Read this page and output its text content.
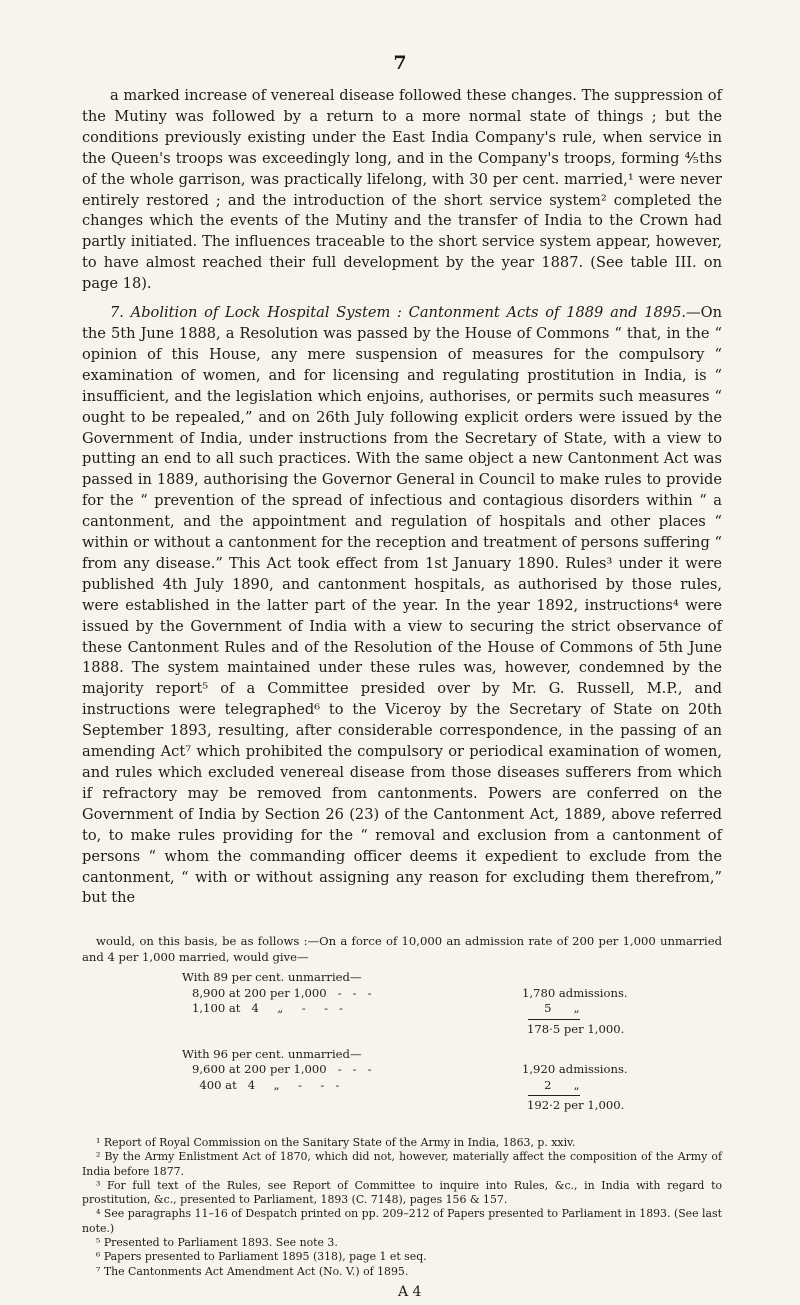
7

a marked increase of venereal disease followed these changes. The suppression of the Mutiny was followed by a return to a more normal state of things ; but the conditions previously existing under the East India Company's rule, when service in the Queen's troops was exceedingly long, and in the Company's troops, forming ⅘ths of the whole garrison, was practically lifelong, with 30 per cent. married,¹ were never entirely restored ; and the introduction of the short service system² completed the changes which the events of the Mutiny and the transfer of India to the Crown had partly initiated. The influences traceable to the short service system appear, however, to have almost reached their full development by the year 1887. (See table III. on page 18).

7. Abolition of Lock Hospital System : Cantonment Acts of 1889 and 1895.—On the 5th June 1888, a Resolution was passed by the House of Commons “ that, in the “ opinion of this House, any mere suspension of measures for the compulsory “ examination of women, and for licensing and regulating prostitution in India, is “ insufficient, and the legislation which enjoins, authorises, or permits such measures “ ought to be repealed,” and on 26th July following explicit orders were issued by the Government of India, under instructions from the Secretary of State, with a view to putting an end to all such practices. With the same object a new Cantonment Act was passed in 1889, authorising the Governor General in Council to make rules to provide for the “ prevention of the spread of infectious and contagious disorders within “ a cantonment, and the appointment and regulation of hospitals and other places “ within or without a cantonment for the reception and treatment of persons suffering “ from any disease.” This Act took effect from 1st January 1890. Rules³ under it were published 4th July 1890, and cantonment hospitals, as authorised by those rules, were established in the latter part of the year. In the year 1892, instructions⁴ were issued by the Government of India with a view to securing the strict observance of these Cantonment Rules and of the Resolution of the House of Commons of 5th June 1888. The system maintained under these rules was, however, condemned by the majority report⁵ of a Committee presided over by Mr. G. Russell, M.P., and instructions were telegraphed⁶ to the Viceroy by the Secretary of State on 20th September 1893, resulting, after considerable correspondence, in the passing of an amending Act⁷ which prohibited the compulsory or periodical examination of women, and rules which excluded venereal disease from those diseases sufferers from which if refractory may be removed from cantonments. Powers are conferred on the Government of India by Section 26 (23) of the Cantonment Act, 1889, above referred to, to make rules providing for the “ removal and exclusion from a cantonment of persons “ whom the commanding officer deems it expedient to exclude from the cantonment, “ with or without assigning any reason for excluding them therefrom,” but the

would, on this basis, be as follows :—On a force of 10,000 an admission rate of 200 per 1,000 unmarried and 4 per 1,000 married, would give—

With 89 per cent. unmarried—

8,900 at 200 per 1,000   -   -   -	1,780 admissions.
1,100 at   4     „     -     -   -	5      „
178·5 per 1,000.

With 96 per cent. unmarried—

9,600 at 200 per 1,000   -   -   -	1,920 admissions.
400 at   4     „     -     -   -	2      „
192·2 per 1,000.

¹ Report of Royal Commission on the Sanitary State of the Army in India, 1863, p. xxiv.

² By the Army Enlistment Act of 1870, which did not, however, materially affect the composition of the Army of India before 1877.

³ For full text of the Rules, see Report of Committee to inquire into Rules, &c., in India with regard to prostitution, &c., presented to Parliament, 1893 (C. 7148), pages 156 & 157.

⁴ See paragraphs 11–16 of Despatch printed on pp. 209–212 of Papers presented to Parliament in 1893. (See last note.)

⁵ Presented to Parliament 1893. See note 3.

⁶ Papers presented to Parliament 1895 (318), page 1 et seq.

⁷ The Cantonments Act Amendment Act (No. V.) of 1895.

A 4
